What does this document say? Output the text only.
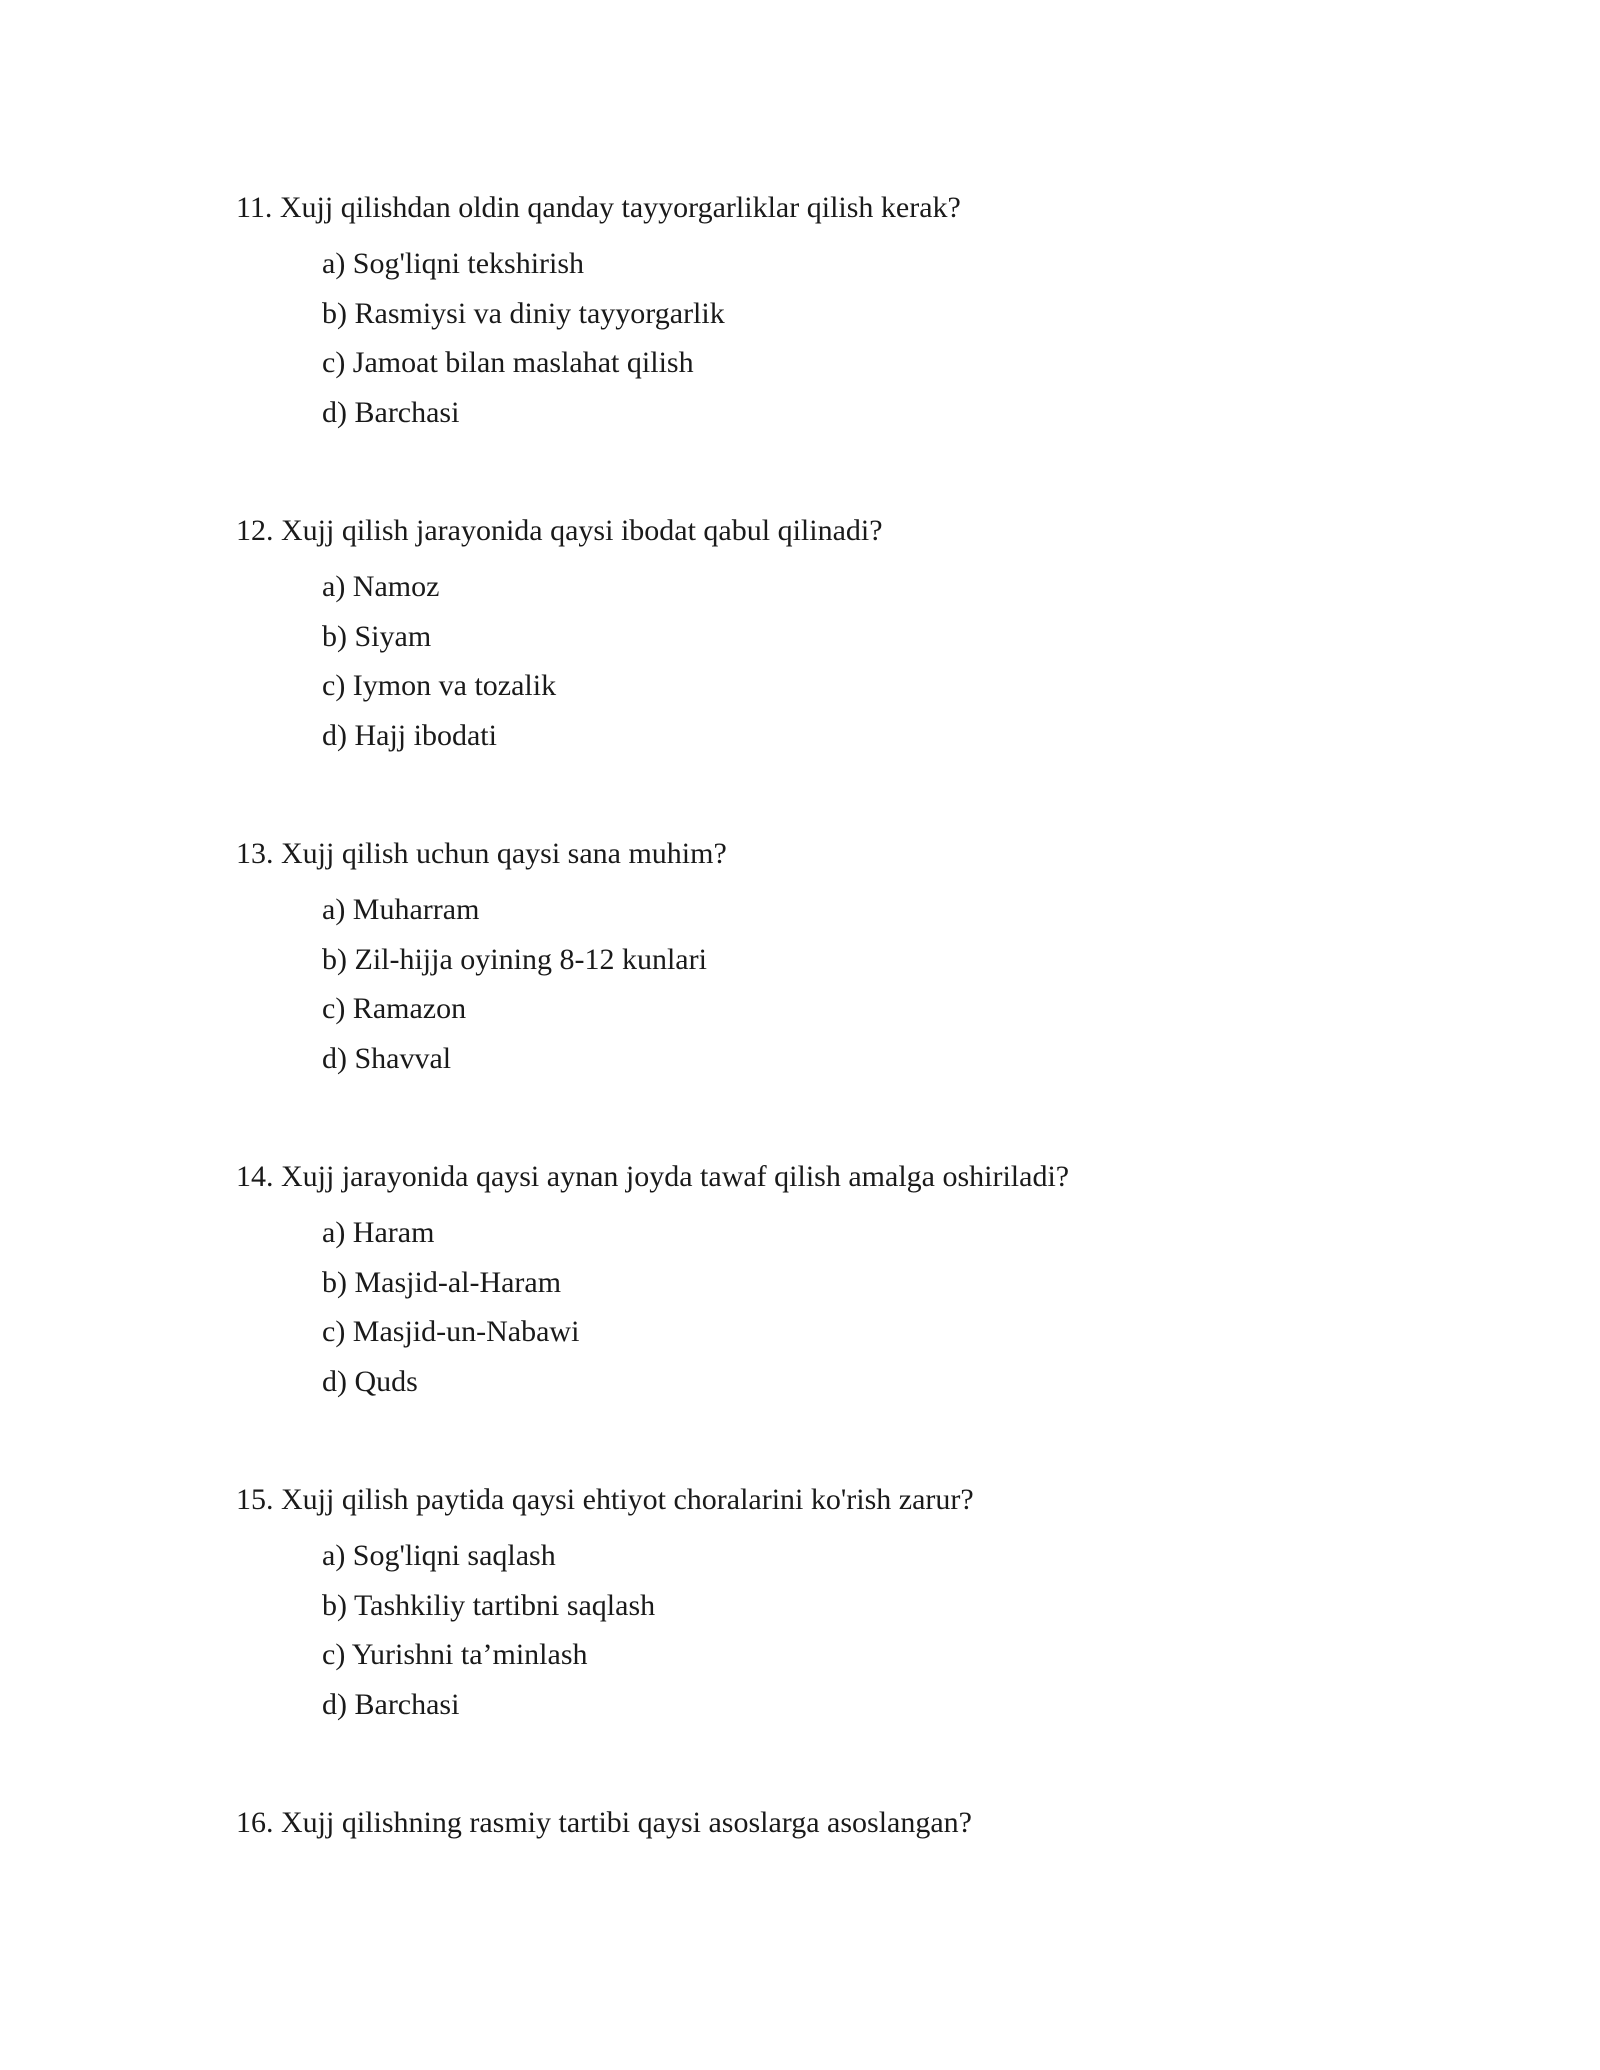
11. Xujj qilishdan oldin qanday tayyorgarliklar qilish kerak?

a) Sog'liqni tekshirish
b) Rasmiysi va diniy tayyorgarlik
c) Jamoat bilan maslahat qilish
d) Barchasi

12. Xujj qilish jarayonida qaysi ibodat qabul qilinadi?

a) Namoz
b) Siyam
c) Iymon va tozalik
d) Hajj ibodati

13. Xujj qilish uchun qaysi sana muhim?

a) Muharram
b) Zil-hijja oyining 8-12 kunlari
c) Ramazon
d) Shavval

14. Xujj jarayonida qaysi aynan joyda tawaf qilish amalga oshiriladi?

a) Haram
b) Masjid-al-Haram
c) Masjid-un-Nabawi
d) Quds

15. Xujj qilish paytida qaysi ehtiyot choralarini ko'rish zarur?

a) Sog'liqni saqlash
b) Tashkiliy tartibni saqlash
c) Yurishni ta’minlash
d) Barchasi

16. Xujj qilishning rasmiy tartibi qaysi asoslarga asoslangan?
